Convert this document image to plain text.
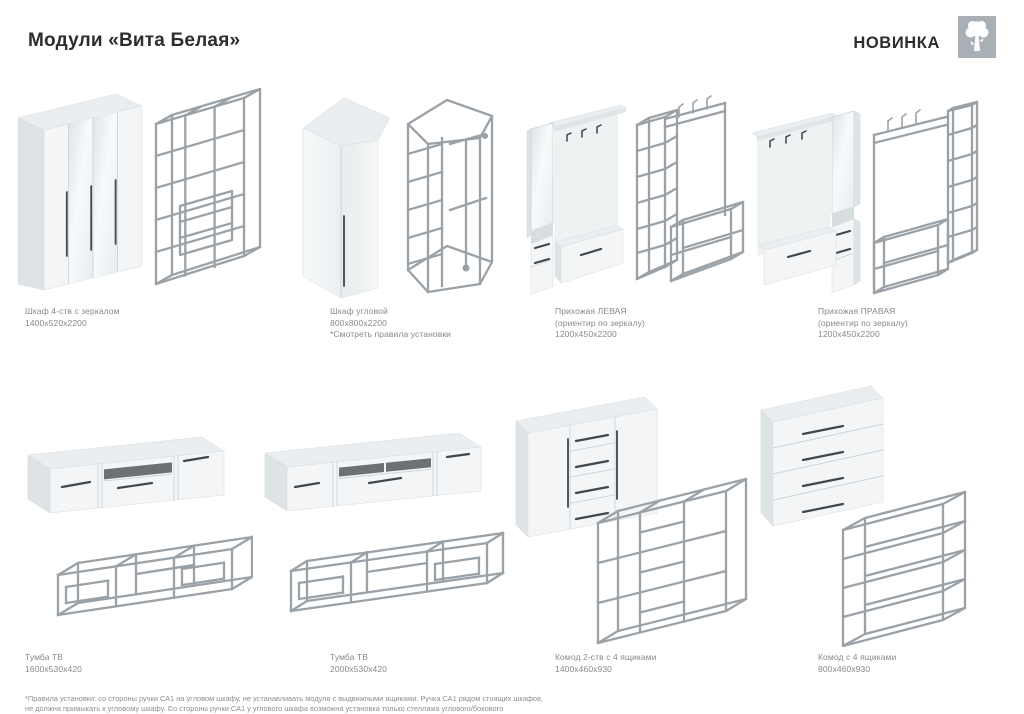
Модули «Вита Белая»	НОВИНКА
Шкаф 4-ств с зеркалом
1400x520x2200
Шкаф угловой
800x800x2200
*Смотреть правила установки
Прихожая ЛЕВАЯ
(ориентир по зеркалу)
1200x450x2200
Прихожая ПРАВАЯ
(ориентир по зеркалу)
1200x450x2200
Тумба ТВ
1600x530x420
Тумба ТВ
2000x530x420
Комод 2-ств с 4 ящиками
1400x460x930
Комод с 4 ящиками
800x460x930
*Правила установки: со стороны ручки СА1 на угловом шкафу, не устанавливать модуля с выдвижными ящиками. Ручка СА1 рядом стоящих шкафов,
не должна примыкать к угловому шкафу. Со стороны ручки СА1 у углового шкафа возможна установка только стеллажа углового/бокового
